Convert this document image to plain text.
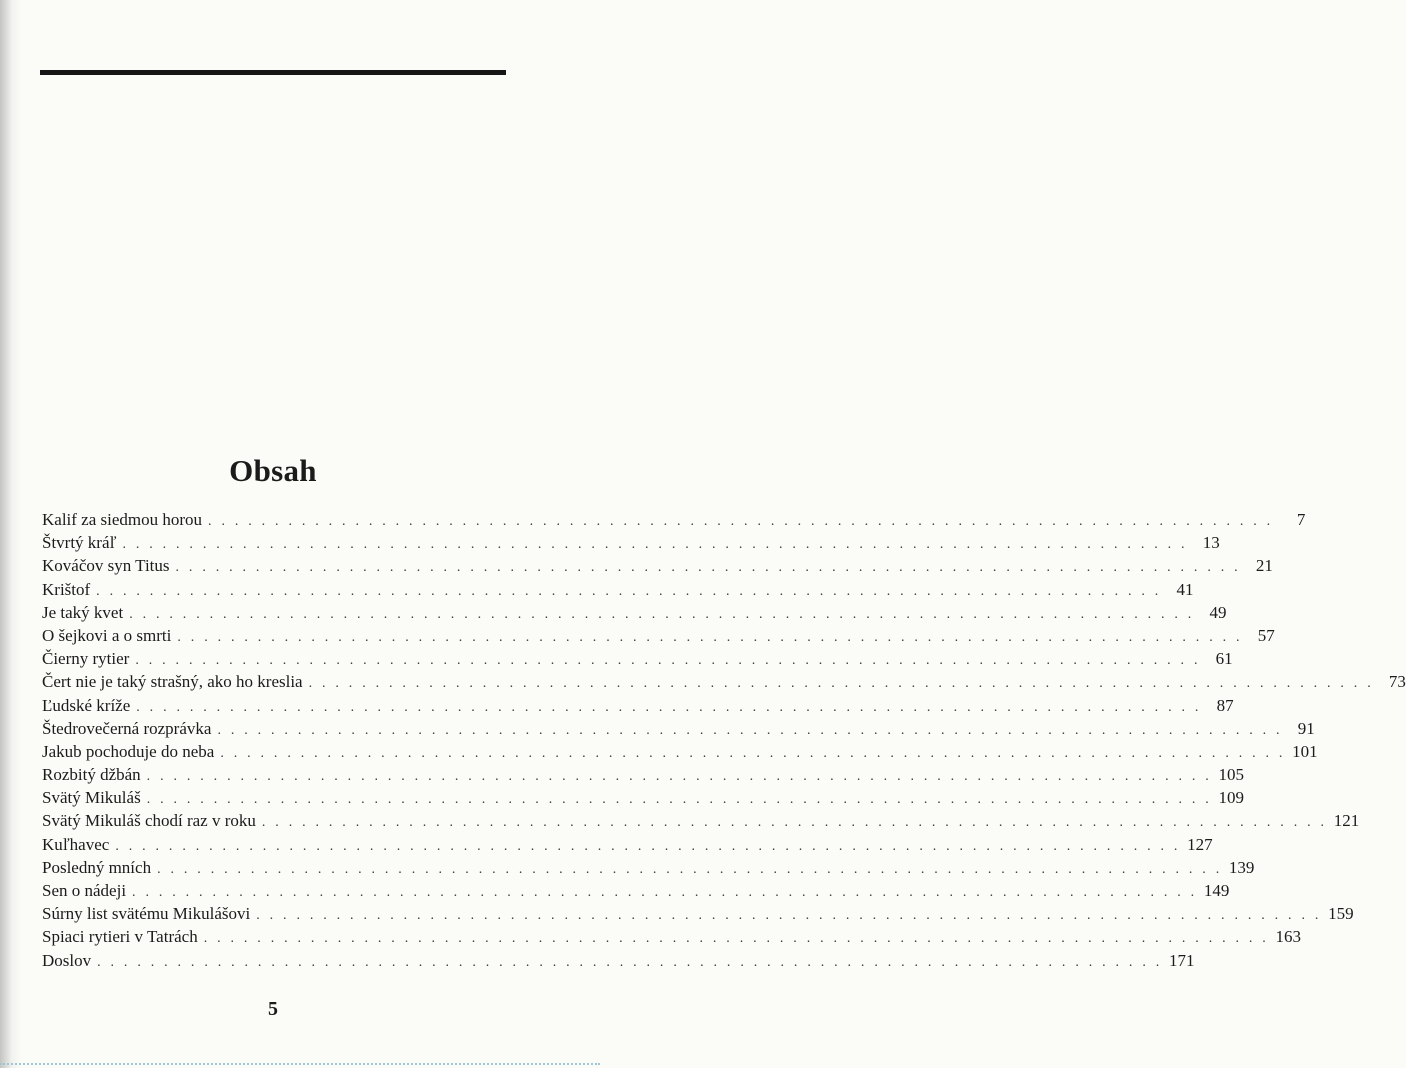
Obsah
Kalif za siedmou horou . . . . . . . . . . . . . . . . . . . . . . . . . . . . . . . . . . . . . . . . . . . . . . . . . . . . . . . . . . . . . . . . . . . . . . . . . . . . . . . .	7
Štvrtý kráľ . . . . . . . . . . . . . . . . . . . . . . . . . . . . . . . . . . . . . . . . . . . . . . . . . . . . . . . . . . . . . . . . . . . . . . . . . . . . . . . . 13
Kováčov syn Titus . . . . . . . . . . . . . . . . . . . . . . . . . . . . . . . . . . . . . . . . . . . . . . . . . . . . . . . . . . . . . . . . . . . . . . . . . . . . . . . . 21
Krištof . . . . . . . . . . . . . . . . . . . . . . . . . . . . . . . . . . . . . . . . . . . . . . . . . . . . . . . . . . . . . . . . . . . . . . . . . . . . . . . . 41
Je taký kvet . . . . . . . . . . . . . . . . . . . . . . . . . . . . . . . . . . . . . . . . . . . . . . . . . . . . . . . . . . . . . . . . . . . . . . . . . . . . . . . . 49
O šejkovi a o smrti . . . . . . . . . . . . . . . . . . . . . . . . . . . . . . . . . . . . . . . . . . . . . . . . . . . . . . . . . . . . . . . . . . . . . . . . . . . . . . . . 57
Čierny rytier . . . . . . . . . . . . . . . . . . . . . . . . . . . . . . . . . . . . . . . . . . . . . . . . . . . . . . . . . . . . . . . . . . . . . . . . . . . . . . . . 61
Čert nie je taký strašný, ako ho kreslia . . . . . . . . . . . . . . . . . . . . . . . . . . . . . . . . . . . . . . . . . . . . . . . . . . . . . . . . . . . . . . . . . . . . . . . . . . . . . . . . 73
Ľudské kríže . . . . . . . . . . . . . . . . . . . . . . . . . . . . . . . . . . . . . . . . . . . . . . . . . . . . . . . . . . . . . . . . . . . . . . . . . . . . . . . . 87
Štedrovečerná rozprávka . . . . . . . . . . . . . . . . . . . . . . . . . . . . . . . . . . . . . . . . . . . . . . . . . . . . . . . . . . . . . . . . . . . . . . . . . . . . . . . . 91
Jakub pochoduje do neba . . . . . . . . . . . . . . . . . . . . . . . . . . . . . . . . . . . . . . . . . . . . . . . . . . . . . . . . . . . . . . . . . . . . . . . . . . . . . . . . 101
Rozbitý džbán . . . . . . . . . . . . . . . . . . . . . . . . . . . . . . . . . . . . . . . . . . . . . . . . . . . . . . . . . . . . . . . . . . . . . . . . . . . . . . . . 105
Svätý Mikuláš . . . . . . . . . . . . . . . . . . . . . . . . . . . . . . . . . . . . . . . . . . . . . . . . . . . . . . . . . . . . . . . . . . . . . . . . . . . . . . . . 109
Svätý Mikuláš chodí raz v roku . . . . . . . . . . . . . . . . . . . . . . . . . . . . . . . . . . . . . . . . . . . . . . . . . . . . . . . . . . . . . . . . . . . . . . . . . . . . . . . . 121
Kuľhavec . . . . . . . . . . . . . . . . . . . . . . . . . . . . . . . . . . . . . . . . . . . . . . . . . . . . . . . . . . . . . . . . . . . . . . . . . . . . . . . . 127
Posledný mních . . . . . . . . . . . . . . . . . . . . . . . . . . . . . . . . . . . . . . . . . . . . . . . . . . . . . . . . . . . . . . . . . . . . . . . . . . . . . . . . 139
Sen o nádeji . . . . . . . . . . . . . . . . . . . . . . . . . . . . . . . . . . . . . . . . . . . . . . . . . . . . . . . . . . . . . . . . . . . . . . . . . . . . . . . . 149
Súrny list svätému Mikulášovi . . . . . . . . . . . . . . . . . . . . . . . . . . . . . . . . . . . . . . . . . . . . . . . . . . . . . . . . . . . . . . . . . . . . . . . . . . . . . . . . 159
Spiaci rytieri v Tatrách . . . . . . . . . . . . . . . . . . . . . . . . . . . . . . . . . . . . . . . . . . . . . . . . . . . . . . . . . . . . . . . . . . . . . . . . . . . . . . . . 163
Doslov . . . . . . . . . . . . . . . . . . . . . . . . . . . . . . . . . . . . . . . . . . . . . . . . . . . . . . . . . . . . . . . . . . . . . . . . . . . . . . . . 171
5
